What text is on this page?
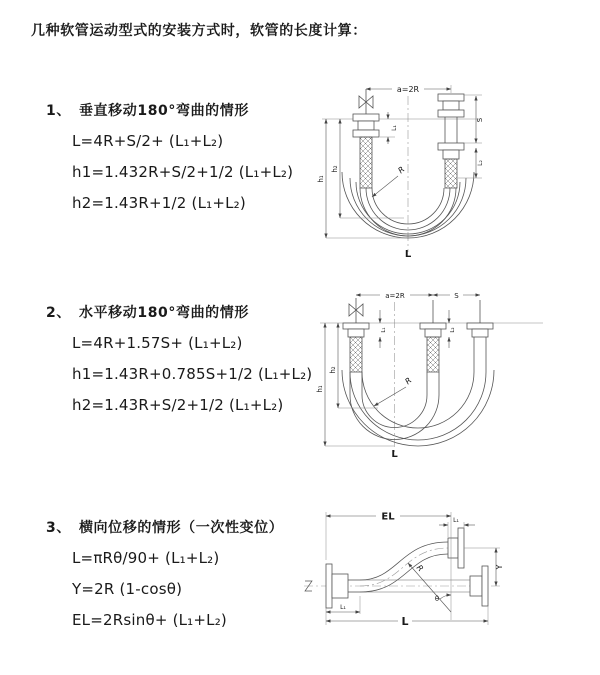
几种软管运动型式的安装方式时，软管的长度计算：
1、 垂直移动180°弯曲的情形
L=4R+S/2+ (L₁+L₂)
h1=1.432R+S/2+1/2 (L₁+L₂)
h2=1.43R+1/2 (L₁+L₂)
a=2R
S
L₁
L₂
h₂
h₁
R
L
2、 水平移动180°弯曲的情形
L=4R+1.57S+ (L₁+L₂)
h1=1.43R+0.785S+1/2 (L₁+L₂)
h2=1.43R+S/2+1/2 (L₁+L₂)
a=2R	S
L₁	L₂
h₂
h₁
R
L
3、 横向位移的情形（一次性变位）
L=πRθ/90+ (L₁+L₂)
Y=2R (1-cosθ)
EL=2Rsinθ+ (L₁+L₂)
EL	L₁
Y
R
θ
L
L₁
